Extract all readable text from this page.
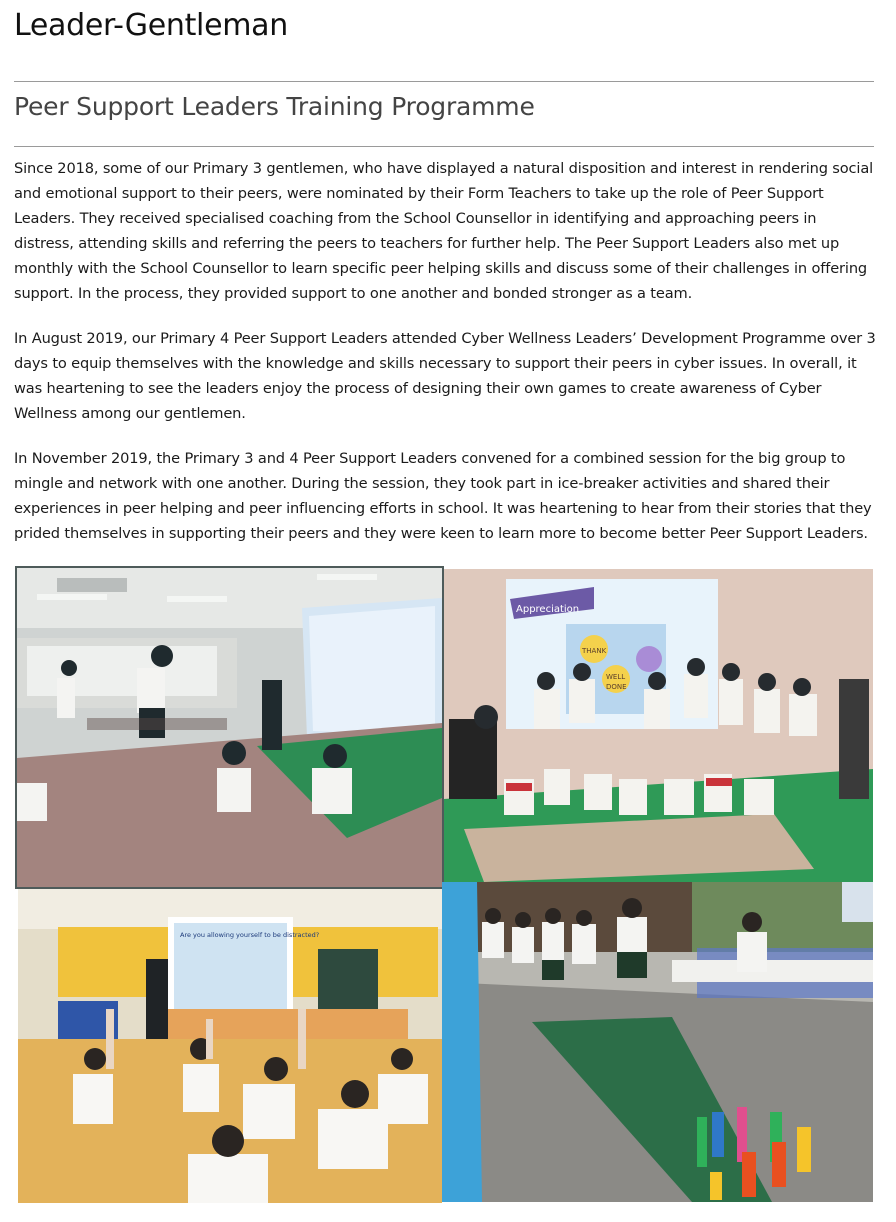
Leader-Gentleman
Peer Support Leaders Training Programme

Since 2018, some of our Primary 3 gentlemen, who have displayed a natural disposition and interest in rendering social and emotional support to their peers, were nominated by their Form Teachers to take up the role of Peer Support Leaders. They received specialised coaching from the School Counsellor in identifying and approaching peers in distress, attending skills and referring the peers to teachers for further help. The Peer Support Leaders also met up monthly with the School Counsellor to learn specific peer helping skills and discuss some of their challenges in offering support. In the process, they provided support to one another and bonded stronger as a team.

In August 2019, our Primary 4 Peer Support Leaders attended Cyber Wellness Leaders’ Development Programme over 3 days to equip themselves with the knowledge and skills necessary to support their peers in cyber issues. In overall, it was heartening to see the leaders enjoy the process of designing their own games to create awareness of Cyber Wellness among our gentlemen.

In November 2019, the Primary 3 and 4 Peer Support Leaders convened for a combined session for the big group to mingle and network with one another. During the session, they took part in ice-breaker activities and shared their experiences in peer helping and peer influencing efforts in school. It was heartening to hear from their stories that they prided themselves in supporting their peers and they were keen to learn more to become better Peer Support Leaders.

Appreciation
THANK
WELL
DONE
Are you allowing yourself to be distracted?
